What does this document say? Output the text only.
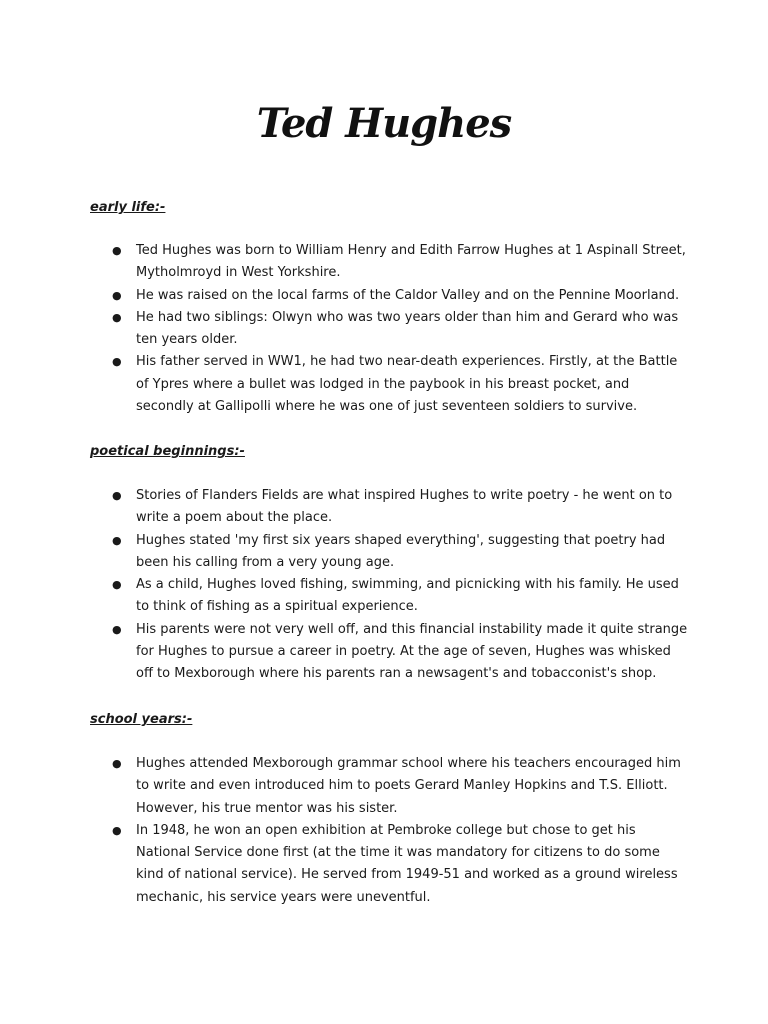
Ted Hughes

early life:-

● Ted Hughes was born to William Henry and Edith Farrow Hughes at 1 Aspinall Street, Mytholmroyd in West Yorkshire.
● He was raised on the local farms of the Caldor Valley and on the Pennine Moorland.
● He had two siblings: Olwyn who was two years older than him and Gerard who was ten years older.
● His father served in WW1, he had two near-death experiences. Firstly, at the Battle of Ypres where a bullet was lodged in the paybook in his breast pocket, and secondly at Gallipolli where he was one of just seventeen soldiers to survive.

poetical beginnings:-

● Stories of Flanders Fields are what inspired Hughes to write poetry - he went on to write a poem about the place.
● Hughes stated 'my first six years shaped everything', suggesting that poetry had been his calling from a very young age.
● As a child, Hughes loved fishing, swimming, and picnicking with his family. He used to think of fishing as a spiritual experience.
● His parents were not very well off, and this financial instability made it quite strange for Hughes to pursue a career in poetry. At the age of seven, Hughes was whisked off to Mexborough where his parents ran a newsagent's and tobacconist's shop.

school years:-

● Hughes attended Mexborough grammar school where his teachers encouraged him to write and even introduced him to poets Gerard Manley Hopkins and T.S. Elliott. However, his true mentor was his sister.
● In 1948, he won an open exhibition at Pembroke college but chose to get his National Service done first (at the time it was mandatory for citizens to do some kind of national service). He served from 1949-51 and worked as a ground wireless mechanic, his service years were uneventful.
